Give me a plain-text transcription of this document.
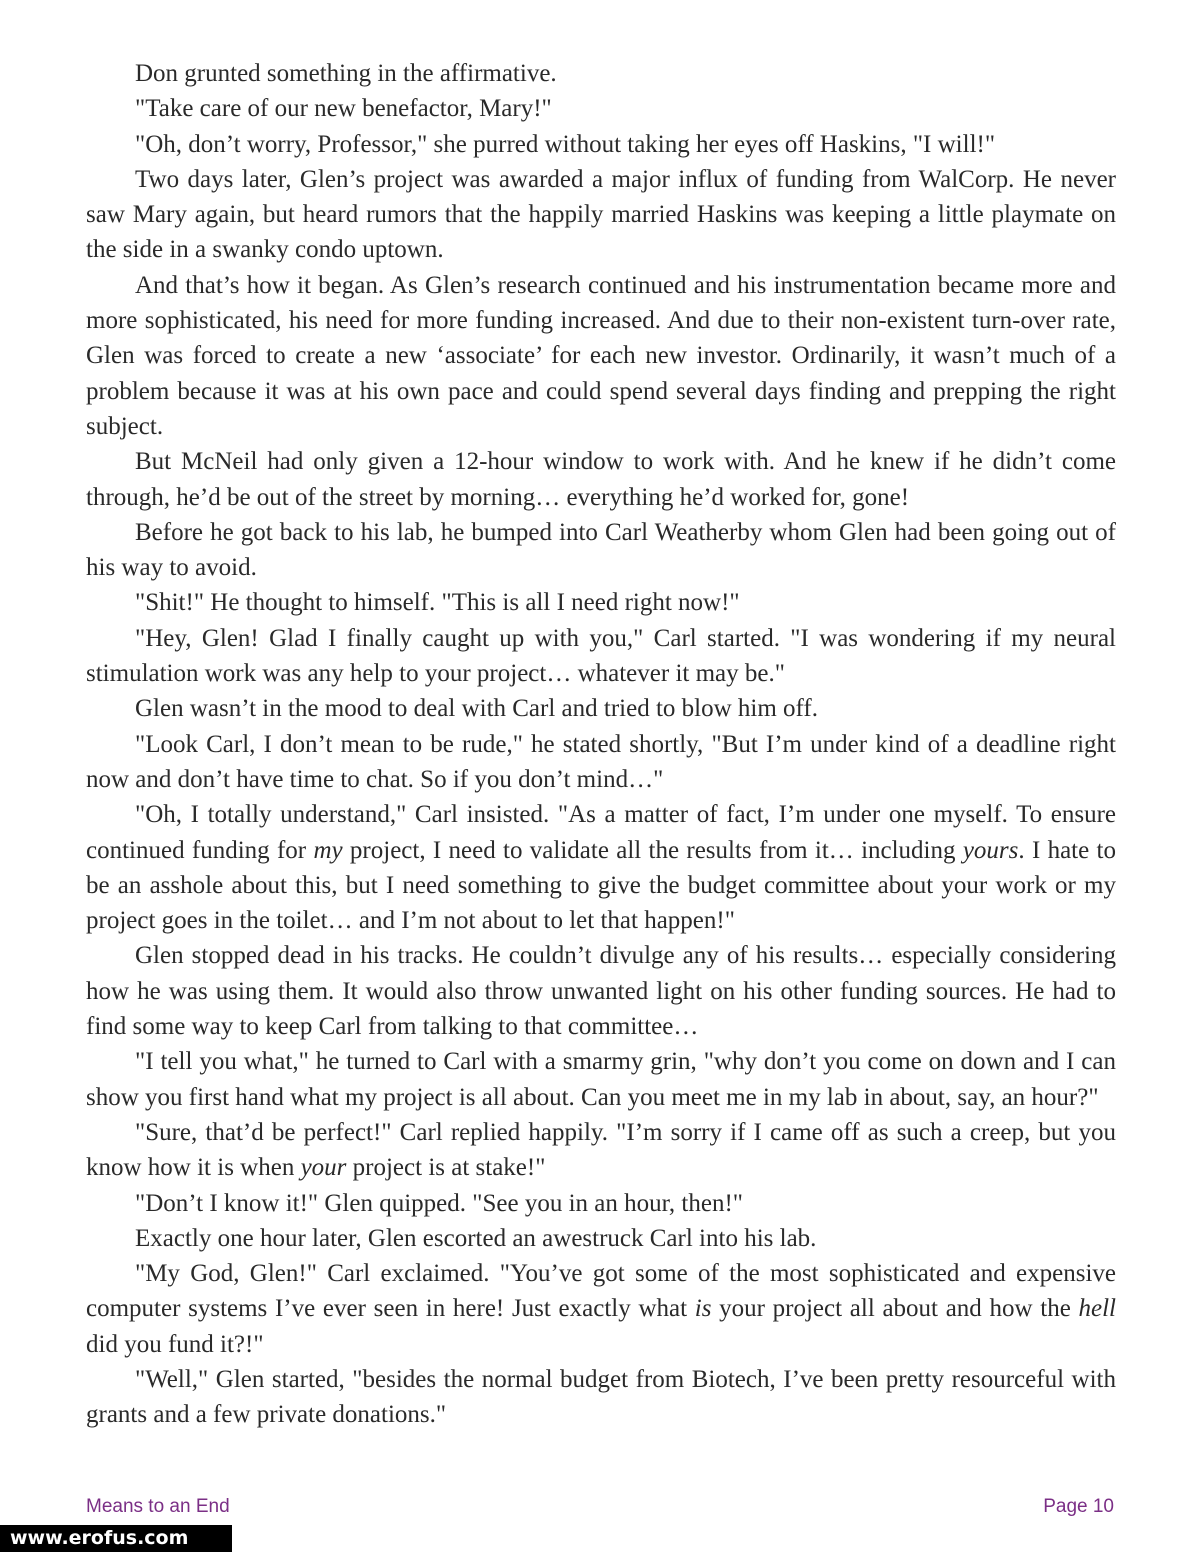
Don grunted something in the affirmative.

"Take care of our new benefactor, Mary!"

"Oh, don’t worry, Professor," she purred without taking her eyes off Haskins, "I will!"

Two days later, Glen’s project was awarded a major influx of funding from WalCorp. He never saw Mary again, but heard rumors that the happily married Haskins was keeping a little playmate on the side in a swanky condo uptown.

And that’s how it began. As Glen’s research continued and his instrumentation became more and more sophisticated, his need for more funding increased. And due to their non-existent turn-over rate, Glen was forced to create a new ‘associate’ for each new investor. Ordinarily, it wasn’t much of a problem because it was at his own pace and could spend several days finding and prepping the right subject.

But McNeil had only given a 12-hour window to work with. And he knew if he didn’t come through, he’d be out of the street by morning… everything he’d worked for, gone!

Before he got back to his lab, he bumped into Carl Weatherby whom Glen had been going out of his way to avoid.

"Shit!" He thought to himself. "This is all I need right now!"

"Hey, Glen! Glad I finally caught up with you," Carl started. "I was wondering if my neural stimulation work was any help to your project… whatever it may be."

Glen wasn’t in the mood to deal with Carl and tried to blow him off.

"Look Carl, I don’t mean to be rude," he stated shortly, "But I’m under kind of a deadline right now and don’t have time to chat. So if you don’t mind…"

"Oh, I totally understand," Carl insisted. "As a matter of fact, I’m under one myself. To ensure continued funding for my project, I need to validate all the results from it… including yours. I hate to be an asshole about this, but I need something to give the budget committee about your work or my project goes in the toilet… and I’m not about to let that happen!"

Glen stopped dead in his tracks. He couldn’t divulge any of his results… especially considering how he was using them. It would also throw unwanted light on his other funding sources. He had to find some way to keep Carl from talking to that committee…

"I tell you what," he turned to Carl with a smarmy grin, "why don’t you come on down and I can show you first hand what my project is all about. Can you meet me in my lab in about, say, an hour?"

"Sure, that’d be perfect!" Carl replied happily. "I’m sorry if I came off as such a creep, but you know how it is when your project is at stake!"

"Don’t I know it!" Glen quipped. "See you in an hour, then!"

Exactly one hour later, Glen escorted an awestruck Carl into his lab.

"My God, Glen!" Carl exclaimed. "You’ve got some of the most sophisticated and expensive computer systems I’ve ever seen in here! Just exactly what is your project all about and how the hell did you fund it?!"

"Well," Glen started, "besides the normal budget from Biotech, I’ve been pretty resourceful with grants and a few private donations."

Means to an End	Page 10
www.erofus.com
